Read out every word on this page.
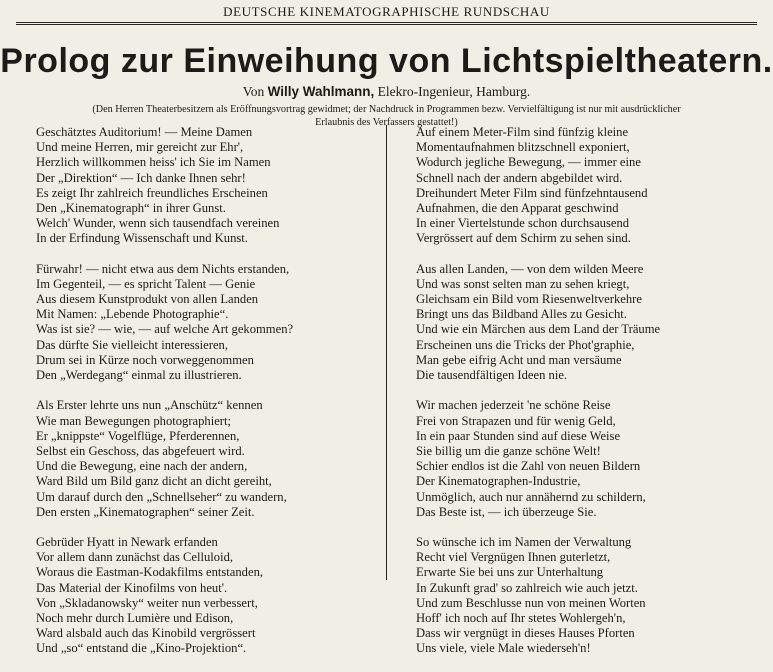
DEUTSCHE KINEMATOGRAPHISCHE RUNDSCHAU
Prolog zur Einweihung von Lichtspieltheatern.
Von Willy Wahlmann, Elekro-Ingenieur, Hamburg.
(Den Herren Theaterbesitzern als Eröffnungsvortrag gewidmet; der Nachdruck in Programmen bezw. Vervielfältigung ist nur mit ausdrücklicher
Erlaubnis des Verfassers gestattet!)
Geschätztes Auditorium! — Meine Damen
Und meine Herren, mir gereicht zur Ehr',
Herzlich willkommen heiss' ich Sie im Namen
Der „Direktion“ — Ich danke Ihnen sehr!
Es zeigt Ihr zahlreich freundliches Erscheinen
Den „Kinematograph“ in ihrer Gunst.
Welch' Wunder, wenn sich tausendfach vereinen
In der Erfindung Wissenschaft und Kunst.
Fürwahr! — nicht etwa aus dem Nichts erstanden,
Im Gegenteil, — es spricht Talent — Genie
Aus diesem Kunstprodukt von allen Landen
Mit Namen: „Lebende Photographie“.
Was ist sie? — wie, — auf welche Art gekommen?
Das dürfte Sie vielleicht interessieren,
Drum sei in Kürze noch vorweggenommen
Den „Werdegang“ einmal zu illustrieren.
Als Erster lehrte uns nun „Anschütz“ kennen
Wie man Bewegungen photographiert;
Er „knippste“ Vogelflüge, Pferderennen,
Selbst ein Geschoss, das abgefeuert wird.
Und die Bewegung, eine nach der andern,
Ward Bild um Bild ganz dicht an dicht gereiht,
Um darauf durch den „Schnellseher“ zu wandern,
Den ersten „Kinematographen“ seiner Zeit.
Gebrüder Hyatt in Newark erfanden
Vor allem dann zunächst das Celluloid,
Woraus die Eastman-Kodakfilms entstanden,
Das Material der Kinofilms von heut'.
Von „Skladanowsky“ weiter nun verbessert,
Noch mehr durch Lumière und Edison,
Ward alsbald auch das Kinobild vergrössert
Und „so“ entstand die „Kino-Projektion“.
Auf einem Meter-Film sind fünfzig kleine
Momentaufnahmen blitzschnell exponiert,
Wodurch jegliche Bewegung, — immer eine
Schnell nach der andern abgebildet wird.
Dreihundert Meter Film sind fünfzehntausend
Aufnahmen, die den Apparat geschwind
In einer Viertelstunde schon durchsausend
Vergrössert auf dem Schirm zu sehen sind.
Aus allen Landen, — von dem wilden Meere
Und was sonst selten man zu sehen kriegt,
Gleichsam ein Bild vom Riesenweltverkehre
Bringt uns das Bildband Alles zu Gesicht.
Und wie ein Märchen aus dem Land der Träume
Erscheinen uns die Tricks der Phot'graphie,
Man gebe eifrig Acht und man versäume
Die tausendfältigen Ideen nie.
Wir machen jederzeit 'ne schöne Reise
Frei von Strapazen und für wenig Geld,
In ein paar Stunden sind auf diese Weise
Sie billig um die ganze schöne Welt!
Schier endlos ist die Zahl von neuen Bildern
Der Kinematographen-Industrie,
Unmöglich, auch nur annähernd zu schildern,
Das Beste ist, — ich überzeuge Sie.
So wünsche ich im Namen der Verwaltung
Recht viel Vergnügen Ihnen guterletzt,
Erwarte Sie bei uns zur Unterhaltung
In Zukunft grad' so zahlreich wie auch jetzt.
Und zum Beschlusse nun von meinen Worten
Hoff' ich noch auf Ihr stetes Wohlergeh'n,
Dass wir vergnügt in dieses Hauses Pforten
Uns viele, viele Male wiederseh'n!
